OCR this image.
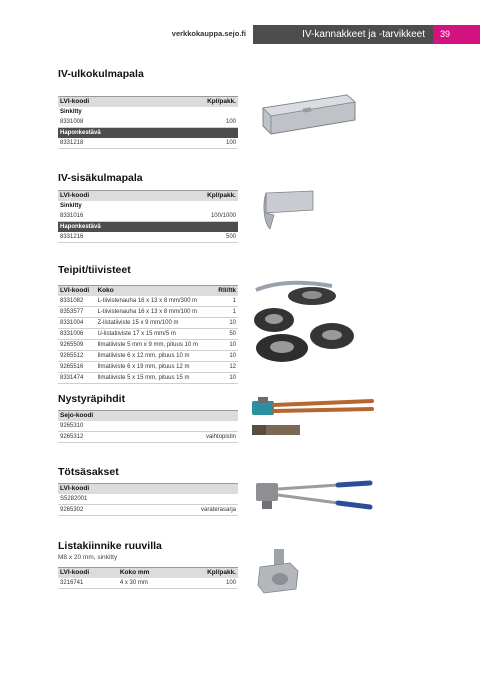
verkkokauppa.sejo.fi	IV-kannakkeet ja -tarvikkeet	39
IV-ulkokulmapala
LVI-koodi	Kpl/pakk.
Sinkitty	
8331008	100
Haponkestävä	
8331218	100
IV-sisäkulmapala
LVI-koodi	Kpl/pakk.
Sinkitty	
8331016	100/1000
Haponkestävä	
8331216	500
Teipit/tiivisteet
LVI-koodi	Koko	Rll/ltk
8331082	L-tiivistenauha 16 x 13 x 8 mm/300 m	1
8353577	L-tiivistenauha 16 x 13 x 8 mm/100 m	1
8331004	Z-listatiiviste 15 x 9 mm/100 m	10
8331006	U-listatiiviste 17 x 15 mm/5 m	50
9265509	Ilmatiiviste 5 mm x 9 mm, pituus 10 m	10
9265512	Ilmatiiviste 6 x 12 mm, pituus 10 m	10
9265516	Ilmatiiviste 6 x 19 mm, pituus 12 m	12
8331474	Ilmatiiviste 5 x 15 mm, pituus 15 m	10
Nystyräpihdit
Sejo-koodi	
9265310	
9265312	vaihtopistin
Tötsäsakset
LVI-koodi	
S5282001	
9265302	varaterasarja
Listakiinnike ruuvilla
M8 x 20 mm, sinkitty
LVI-koodi	Koko mm	Kpl/pakk.
3216741	4 x 30 mm	100
